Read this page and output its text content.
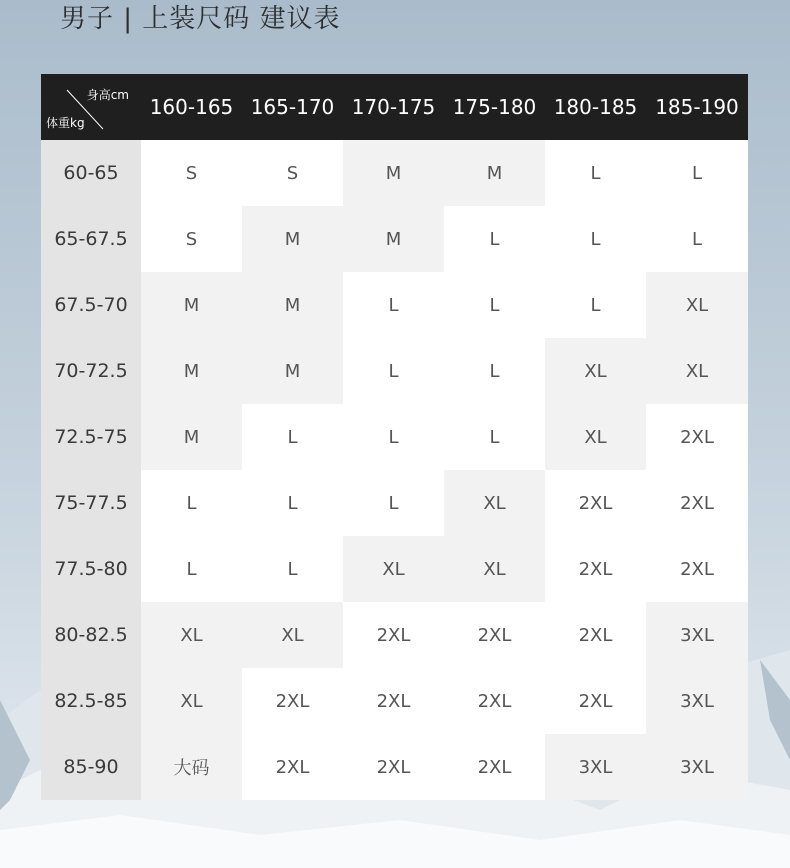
男子 | 上装尺码 建议表
身高cm
体重kg	160-165	165-170	170-175	175-180	180-185	185-190
60-65	S	S	M	M	L	L
65-67.5	S	M	M	L	L	L
67.5-70	M	M	L	L	L	XL
70-72.5	M	M	L	L	XL	XL
72.5-75	M	L	L	L	XL	2XL
75-77.5	L	L	L	XL	2XL	2XL
77.5-80	L	L	XL	XL	2XL	2XL
80-82.5	XL	XL	2XL	2XL	2XL	3XL
82.5-85	XL	2XL	2XL	2XL	2XL	3XL
85-90	大码	2XL	2XL	2XL	3XL	3XL
